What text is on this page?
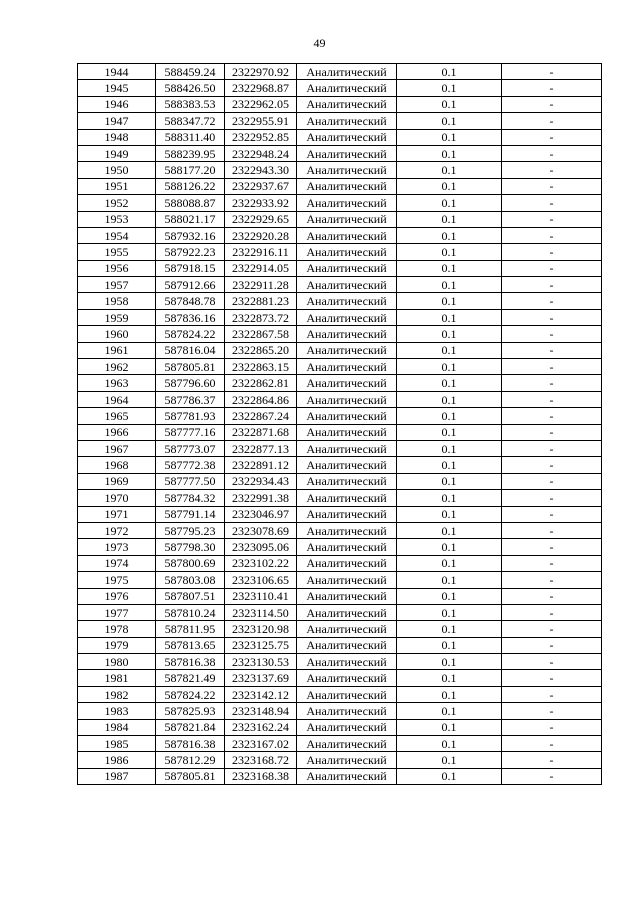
49
1944	588459.24	2322970.92	Аналитический	0.1	-
1945	588426.50	2322968.87	Аналитический	0.1	-
1946	588383.53	2322962.05	Аналитический	0.1	-
1947	588347.72	2322955.91	Аналитический	0.1	-
1948	588311.40	2322952.85	Аналитический	0.1	-
1949	588239.95	2322948.24	Аналитический	0.1	-
1950	588177.20	2322943.30	Аналитический	0.1	-
1951	588126.22	2322937.67	Аналитический	0.1	-
1952	588088.87	2322933.92	Аналитический	0.1	-
1953	588021.17	2322929.65	Аналитический	0.1	-
1954	587932.16	2322920.28	Аналитический	0.1	-
1955	587922.23	2322916.11	Аналитический	0.1	-
1956	587918.15	2322914.05	Аналитический	0.1	-
1957	587912.66	2322911.28	Аналитический	0.1	-
1958	587848.78	2322881.23	Аналитический	0.1	-
1959	587836.16	2322873.72	Аналитический	0.1	-
1960	587824.22	2322867.58	Аналитический	0.1	-
1961	587816.04	2322865.20	Аналитический	0.1	-
1962	587805.81	2322863.15	Аналитический	0.1	-
1963	587796.60	2322862.81	Аналитический	0.1	-
1964	587786.37	2322864.86	Аналитический	0.1	-
1965	587781.93	2322867.24	Аналитический	0.1	-
1966	587777.16	2322871.68	Аналитический	0.1	-
1967	587773.07	2322877.13	Аналитический	0.1	-
1968	587772.38	2322891.12	Аналитический	0.1	-
1969	587777.50	2322934.43	Аналитический	0.1	-
1970	587784.32	2322991.38	Аналитический	0.1	-
1971	587791.14	2323046.97	Аналитический	0.1	-
1972	587795.23	2323078.69	Аналитический	0.1	-
1973	587798.30	2323095.06	Аналитический	0.1	-
1974	587800.69	2323102.22	Аналитический	0.1	-
1975	587803.08	2323106.65	Аналитический	0.1	-
1976	587807.51	2323110.41	Аналитический	0.1	-
1977	587810.24	2323114.50	Аналитический	0.1	-
1978	587811.95	2323120.98	Аналитический	0.1	-
1979	587813.65	2323125.75	Аналитический	0.1	-
1980	587816.38	2323130.53	Аналитический	0.1	-
1981	587821.49	2323137.69	Аналитический	0.1	-
1982	587824.22	2323142.12	Аналитический	0.1	-
1983	587825.93	2323148.94	Аналитический	0.1	-
1984	587821.84	2323162.24	Аналитический	0.1	-
1985	587816.38	2323167.02	Аналитический	0.1	-
1986	587812.29	2323168.72	Аналитический	0.1	-
1987	587805.81	2323168.38	Аналитический	0.1	-
